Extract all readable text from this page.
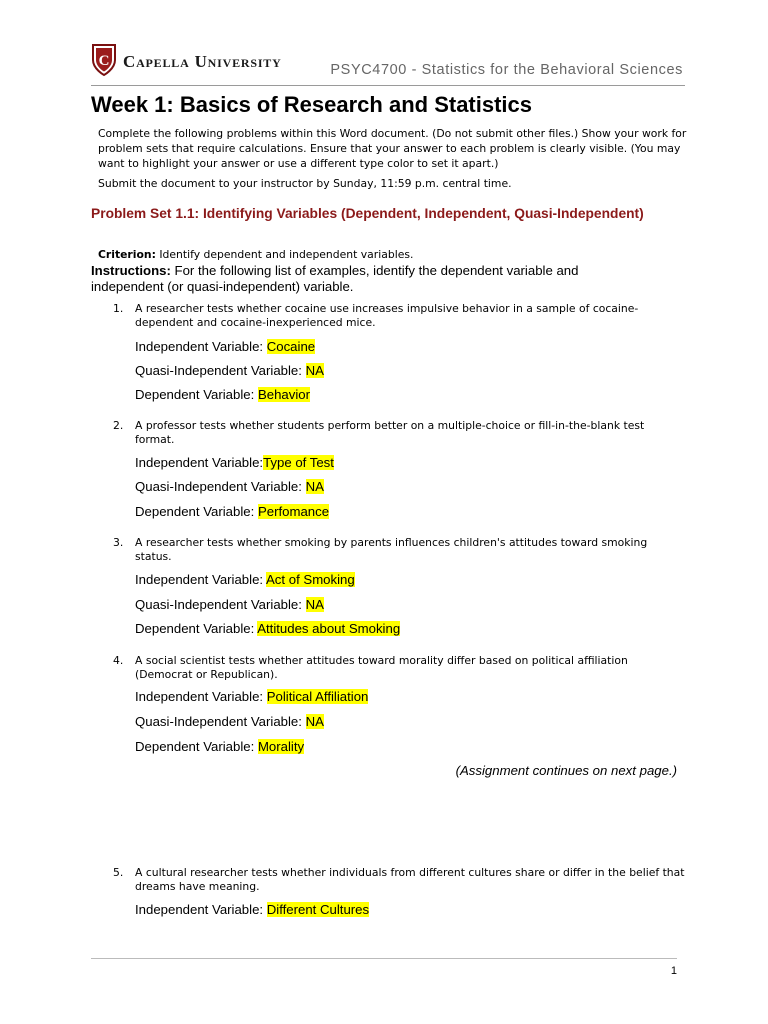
C Capella University	PSYC4700 - Statistics for the Behavioral Sciences
Week 1: Basics of Research and Statistics

Complete the following problems within this Word document. (Do not submit other files.) Show your work for problem sets that require calculations. Ensure that your answer to each problem is clearly visible. (You may want to highlight your answer or use a different type color to set it apart.)

Submit the document to your instructor by Sunday, 11:59 p.m. central time.

Problem Set 1.1: Identifying Variables (Dependent, Independent, Quasi-Independent)

Criterion: Identify dependent and independent variables.

Instructions: For the following list of examples, identify the dependent variable and independent (or quasi-independent) variable.

1. A researcher tests whether cocaine use increases impulsive behavior in a sample of cocaine-dependent and cocaine-inexperienced mice.

Independent Variable: Cocaine
Quasi-Independent Variable: NA
Dependent Variable: Behavior
2. A professor tests whether students perform better on a multiple-choice or fill-in-the-blank test format.

Independent Variable:Type of Test
Quasi-Independent Variable: NA
Dependent Variable: Perfomance
3. A researcher tests whether smoking by parents influences children's attitudes toward smoking status.

Independent Variable: Act of Smoking
Quasi-Independent Variable: NA
Dependent Variable: Attitudes about Smoking
4. A social scientist tests whether attitudes toward morality differ based on political affiliation (Democrat or Republican).

Independent Variable: Political Affiliation
Quasi-Independent Variable: NA
Dependent Variable: Morality
(Assignment continues on next page.)
5. A cultural researcher tests whether individuals from different cultures share or differ in the belief that dreams have meaning.

Independent Variable: Different Cultures
1
